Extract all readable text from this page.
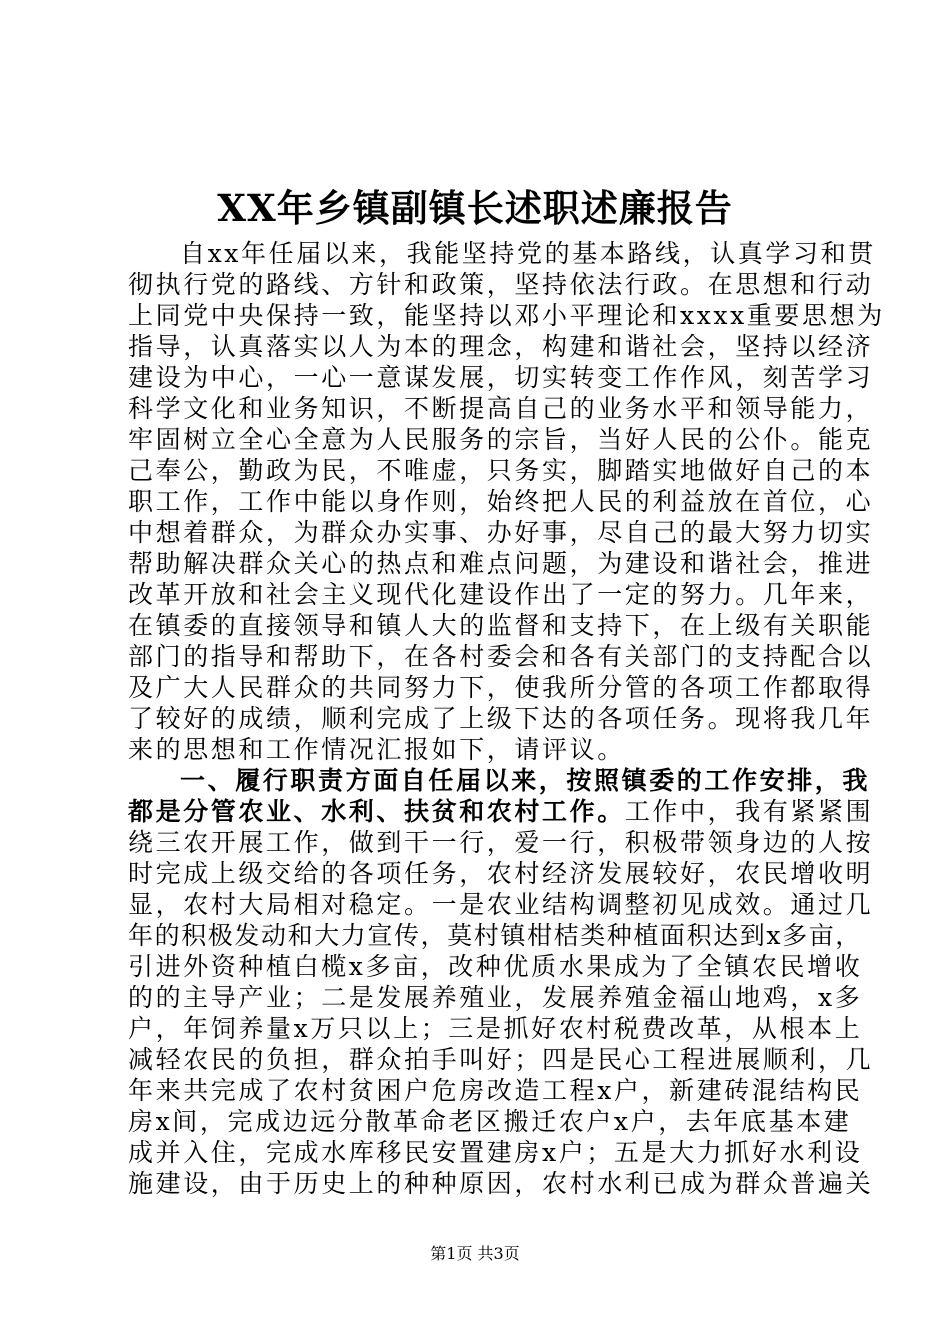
XX年乡镇副镇长述职述廉报告
自xx年任届以来，我能坚持党的基本路线，认真学习和贯
彻执行党的路线、方针和政策，坚持依法行政。在思想和行动
上同党中央保持一致，能坚持以邓小平理论和xxxx重要思想为
指导，认真落实以人为本的理念，构建和谐社会，坚持以经济
建设为中心，一心一意谋发展，切实转变工作作风，刻苦学习
科学文化和业务知识，不断提高自己的业务水平和领导能力，
牢固树立全心全意为人民服务的宗旨，当好人民的公仆。能克
己奉公，勤政为民，不唯虚，只务实，脚踏实地做好自己的本
职工作，工作中能以身作则，始终把人民的利益放在首位，心
中想着群众，为群众办实事、办好事，尽自己的最大努力切实
帮助解决群众关心的热点和难点问题，为建设和谐社会，推进
改革开放和社会主义现代化建设作出了一定的努力。几年来，
在镇委的直接领导和镇人大的监督和支持下，在上级有关职能
部门的指导和帮助下，在各村委会和各有关部门的支持配合以
及广大人民群众的共同努力下，使我所分管的各项工作都取得
了较好的成绩，顺利完成了上级下达的各项任务。现将我几年
来的思想和工作情况汇报如下，请评议。
一、履行职责方面自任届以来，按照镇委的工作安排，我
都是分管农业、水利、扶贫和农村工作。工作中，我有紧紧围
绕三农开展工作，做到干一行，爱一行，积极带领身边的人按
时完成上级交给的各项任务，农村经济发展较好，农民增收明
显，农村大局相对稳定。一是农业结构调整初见成效。通过几
年的积极发动和大力宣传，莫村镇柑桔类种植面积达到x多亩，
引进外资种植白榄x多亩，改种优质水果成为了全镇农民增收
的的主导产业；二是发展养殖业，发展养殖金福山地鸡，x多
户，年饲养量x万只以上；三是抓好农村税费改革，从根本上
减轻农民的负担，群众拍手叫好；四是民心工程进展顺利，几
年来共完成了农村贫困户危房改造工程x户，新建砖混结构民
房x间，完成边远分散革命老区搬迁农户x户，去年底基本建
成并入住，完成水库移民安置建房x户；五是大力抓好水利设
施建设，由于历史上的种种原因，农村水利已成为群众普遍关
第1页 共3页
